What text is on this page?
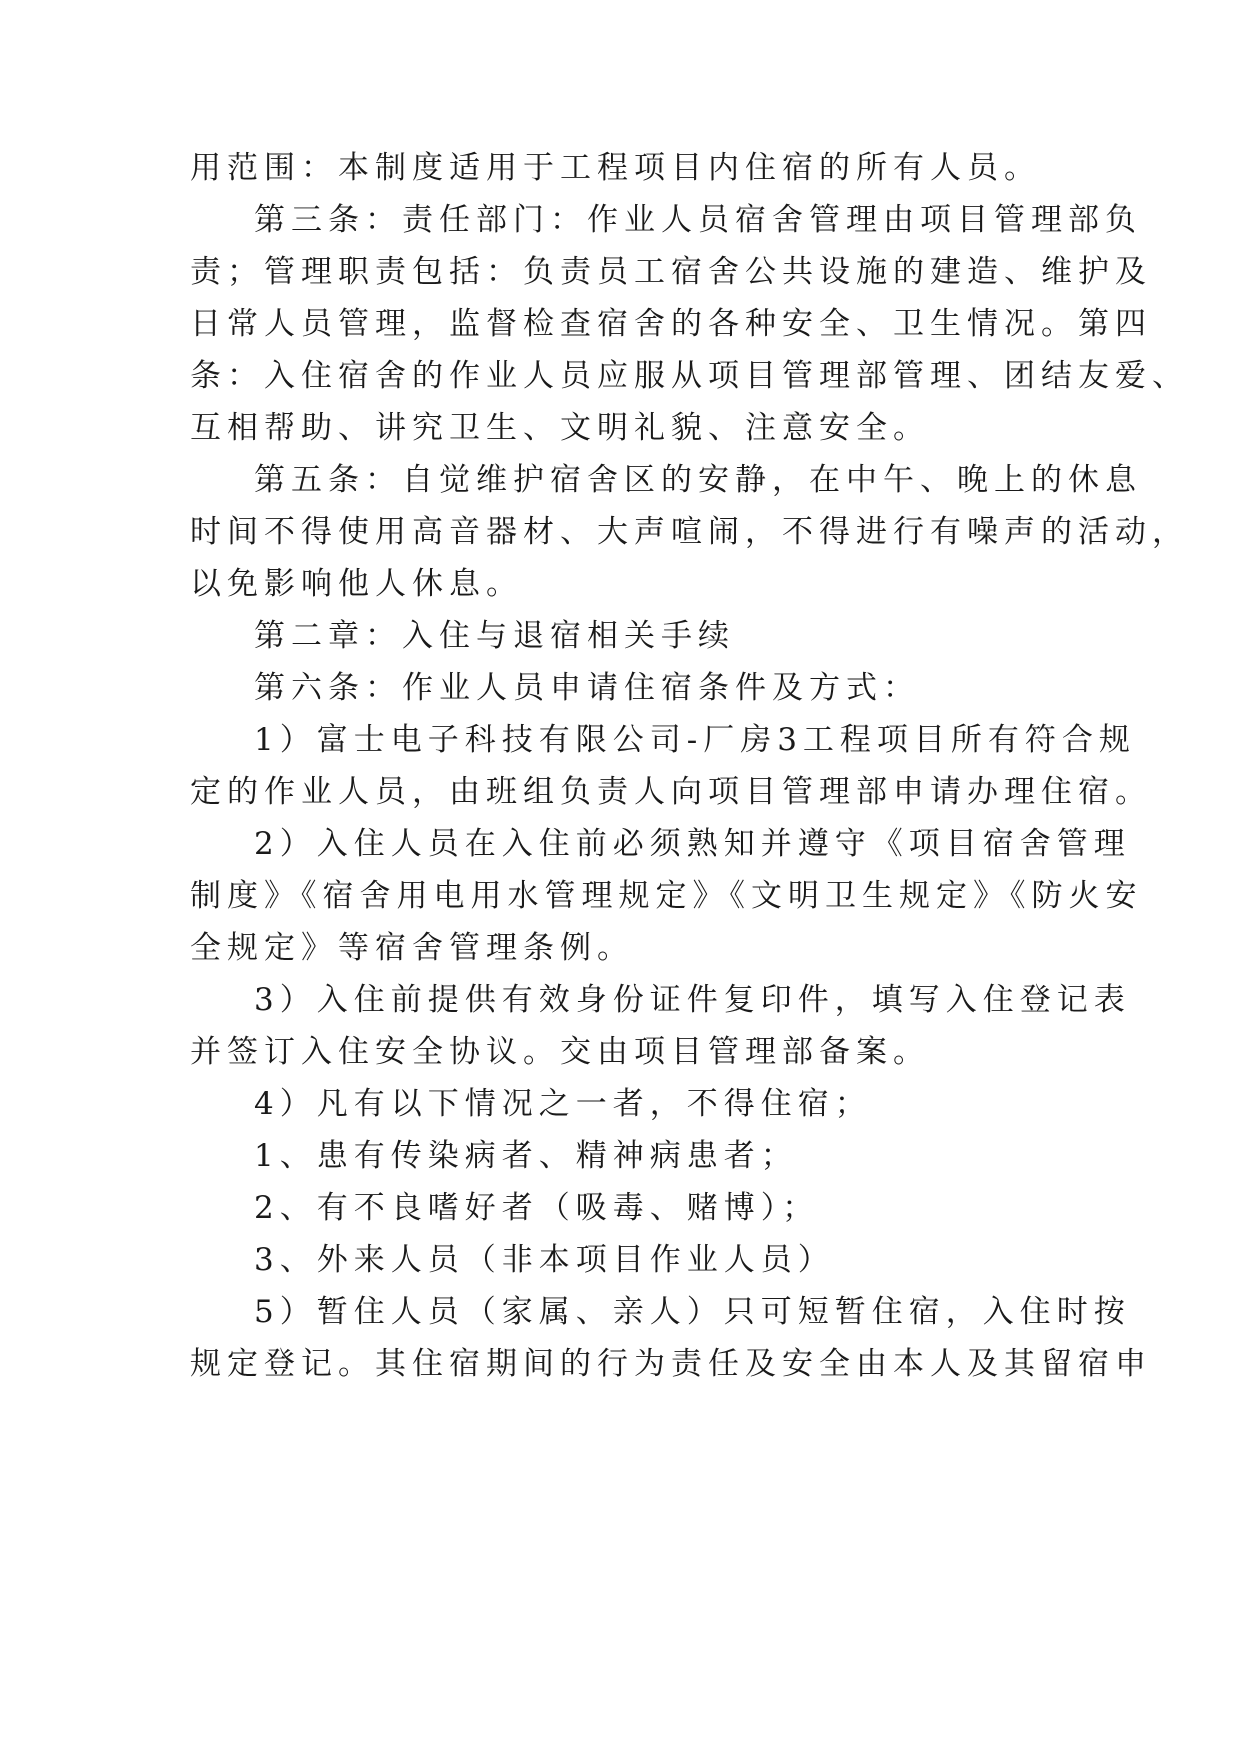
用范围：本制度适用于工程项目内住宿的所有人员。
第三条：责任部门：作业人员宿舍管理由项目管理部负
责；管理职责包括：负责员工宿舍公共设施的建造、维护及
日常人员管理，监督检查宿舍的各种安全、卫生情况。第四
条：入住宿舍的作业人员应服从项目管理部管理、团结友爱、
互相帮助、讲究卫生、文明礼貌、注意安全。
第五条：自觉维护宿舍区的安静，在中午、晚上的休息
时间不得使用高音器材、大声喧闹，不得进行有噪声的活动，
以免影响他人休息。
第二章：入住与退宿相关手续
第六条：作业人员申请住宿条件及方式：
1）富士电子科技有限公司-厂房3工程项目所有符合规
定的作业人员，由班组负责人向项目管理部申请办理住宿。
2）入住人员在入住前必须熟知并遵守《项目宿舍管理
制度》《宿舍用电用水管理规定》《文明卫生规定》《防火安
全规定》等宿舍管理条例。
3）入住前提供有效身份证件复印件，填写入住登记表
并签订入住安全协议。交由项目管理部备案。
4）凡有以下情况之一者，不得住宿；
1、患有传染病者、精神病患者；
2、有不良嗜好者（吸毒、赌博）；
3、外来人员（非本项目作业人员）
5）暂住人员（家属、亲人）只可短暂住宿，入住时按
规定登记。其住宿期间的行为责任及安全由本人及其留宿申
